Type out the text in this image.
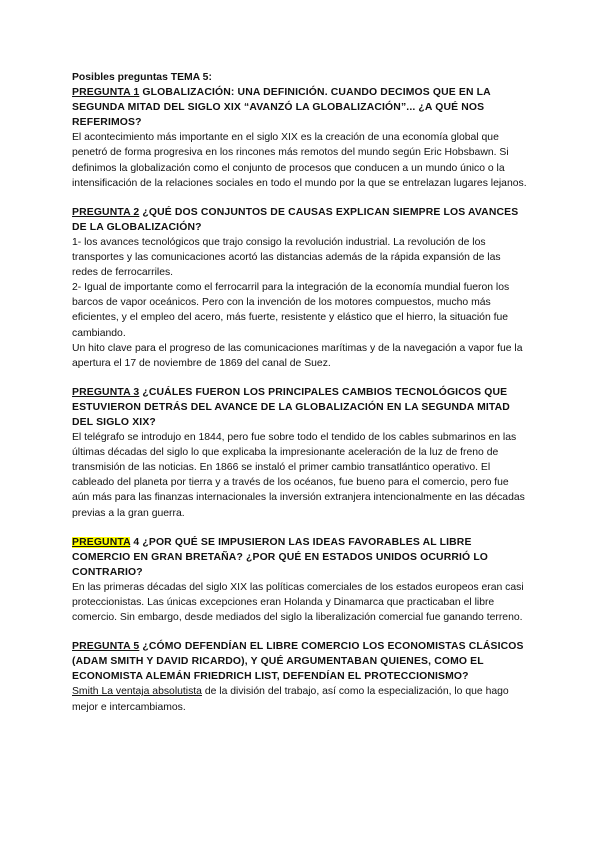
Posibles preguntas TEMA 5:
PREGUNTA 1 GLOBALIZACIÓN: UNA DEFINICIÓN. CUANDO DECIMOS QUE EN LA SEGUNDA MITAD DEL SIGLO XIX “AVANZÓ LA GLOBALIZACIÓN”... ¿A QUÉ NOS REFERIMOS?

El acontecimiento más importante en el siglo XIX es la creación de una economía global que penetró de forma progresiva en los rincones más remotos del mundo según Eric Hobsbawn. Si definimos la globalización como el conjunto de procesos que conducen a un mundo único o la intensificación de la relaciones sociales en todo el mundo por la que se entrelazan lugares lejanos.

PREGUNTA 2 ¿QUÉ DOS CONJUNTOS DE CAUSAS EXPLICAN SIEMPRE LOS AVANCES DE LA GLOBALIZACIÓN?

1- los avances tecnológicos que trajo consigo la revolución industrial. La revolución de los transportes y las comunicaciones acortó las distancias además de la rápida expansión de las redes de ferrocarriles.

2- Igual de importante como el ferrocarril para la integración de la economía mundial fueron los barcos de vapor oceánicos. Pero con la invención de los motores compuestos, mucho más eficientes, y el empleo del acero, más fuerte, resistente y elástico que el hierro, la situación fue cambiando.

Un hito clave para el progreso de las comunicaciones marítimas y de la navegación a vapor fue la apertura el 17 de noviembre de 1869 del canal de Suez.

PREGUNTA 3 ¿CUÁLES FUERON LOS PRINCIPALES CAMBIOS TECNOLÓGICOS QUE ESTUVIERON DETRÁS DEL AVANCE DE LA GLOBALIZACIÓN EN LA SEGUNDA MITAD DEL SIGLO XIX?

El telégrafo se introdujo en 1844, pero fue sobre todo el tendido de los cables submarinos en las últimas décadas del siglo lo que explicaba la impresionante aceleración de la luz de freno de transmisión de las noticias. En 1866 se instaló el primer cambio transatlántico operativo. El cableado del planeta por tierra y a través de los océanos, fue bueno para el comercio, pero fue aún más para las finanzas internacionales la inversión extranjera intencionalmente en las décadas previas a la gran guerra.

PREGUNTA 4 ¿POR QUÉ SE IMPUSIERON LAS IDEAS FAVORABLES AL LIBRE COMERCIO EN GRAN BRETAÑA? ¿POR QUÉ EN ESTADOS UNIDOS OCURRIÓ LO CONTRARIO?

En las primeras décadas del siglo XIX las políticas comerciales de los estados europeos eran casi proteccionistas. Las únicas excepciones eran Holanda y Dinamarca que practicaban el libre comercio. Sin embargo, desde mediados del siglo la liberalización comercial fue ganando terreno.

PREGUNTA 5 ¿CÓMO DEFENDÍAN EL LIBRE COMERCIO LOS ECONOMISTAS CLÁSICOS (ADAM SMITH Y DAVID RICARDO), Y QUÉ ARGUMENTABAN QUIENES, COMO EL ECONOMISTA ALEMÁN FRIEDRICH LIST, DEFENDÍAN EL PROTECCIONISMO?

Smith La ventaja absolutista de la división del trabajo, así como la especialización, lo que hago mejor e intercambiamos.
